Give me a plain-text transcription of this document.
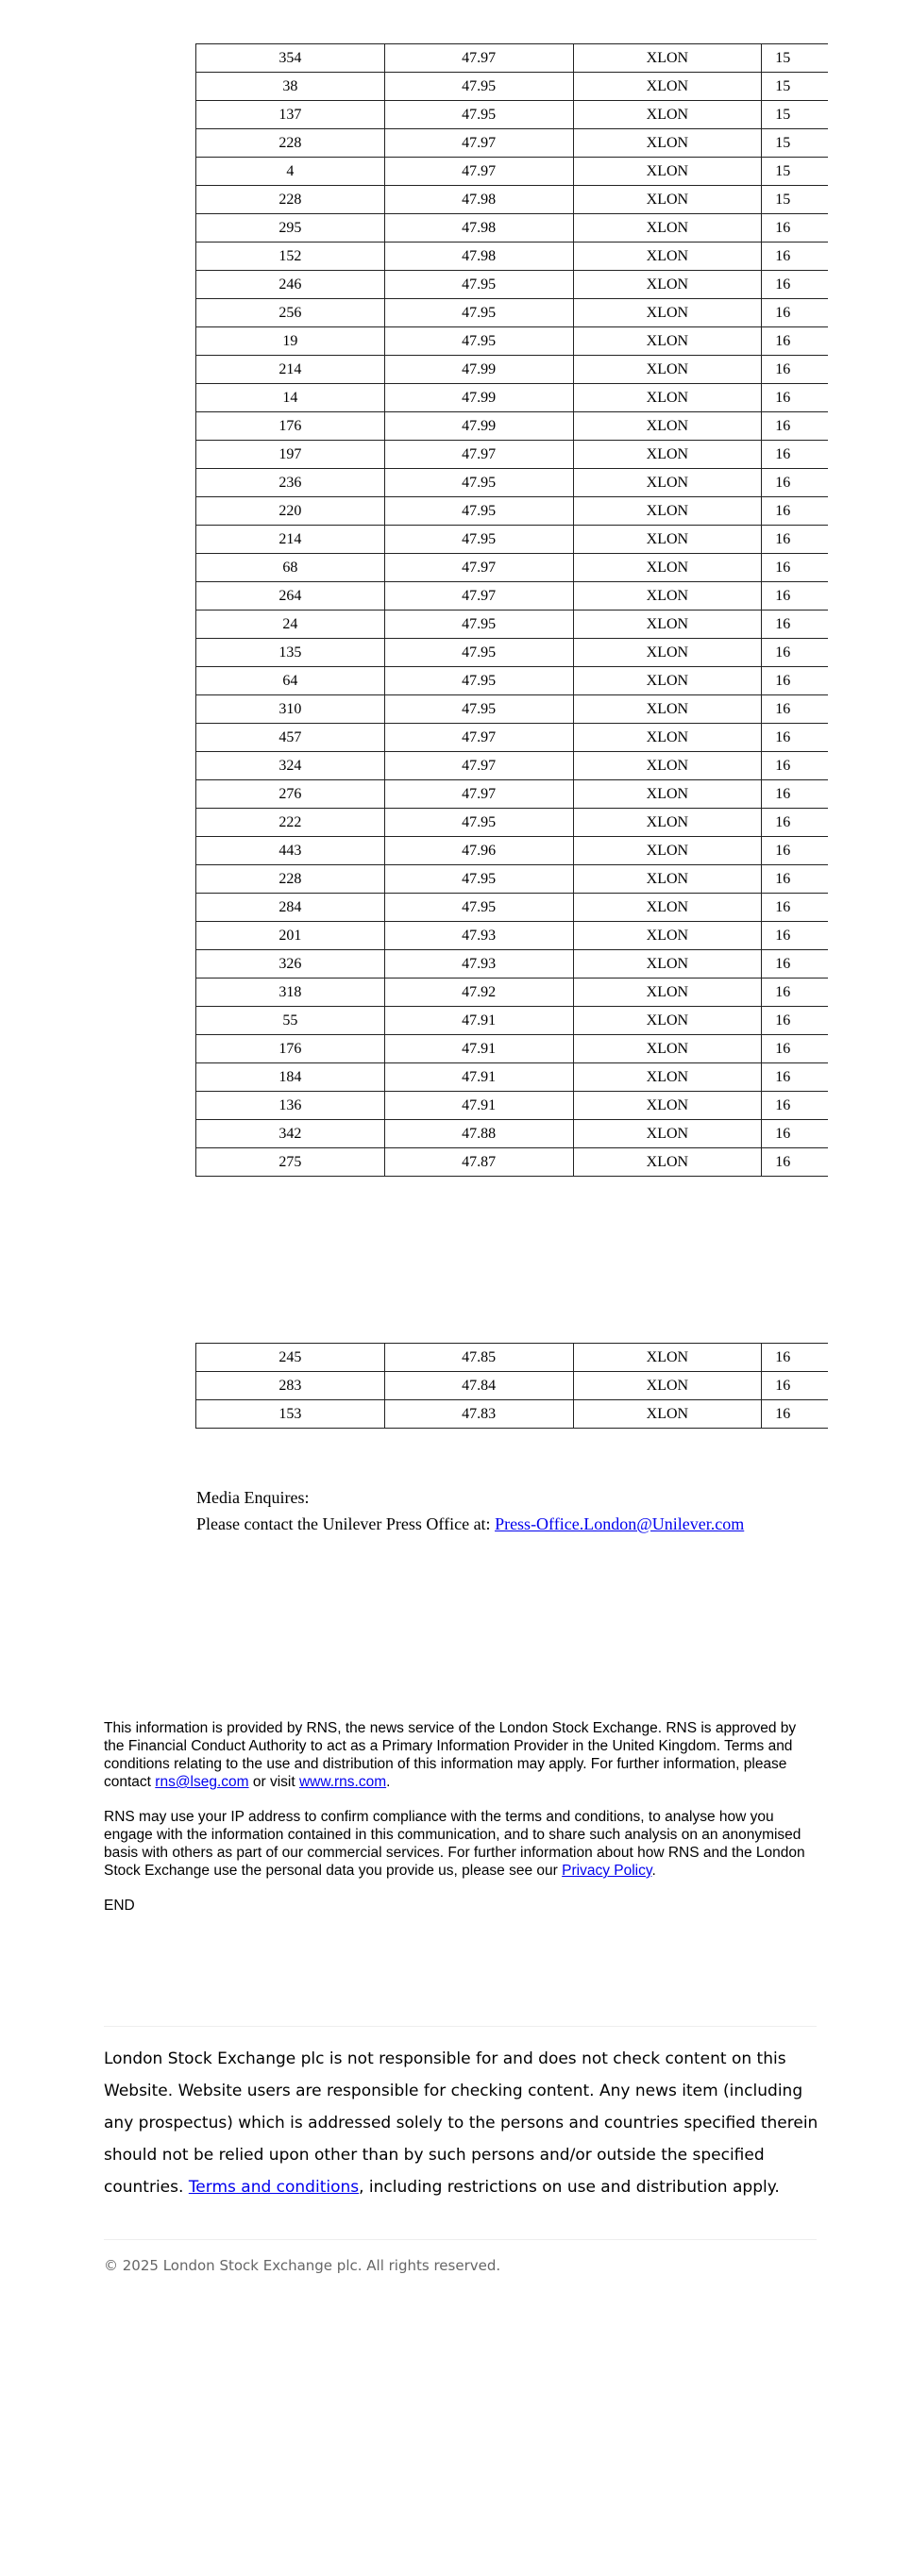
354	47.97	XLON	15
38	47.95	XLON	15
137	47.95	XLON	15
228	47.97	XLON	15
4	47.97	XLON	15
228	47.98	XLON	15
295	47.98	XLON	16
152	47.98	XLON	16
246	47.95	XLON	16
256	47.95	XLON	16
19	47.95	XLON	16
214	47.99	XLON	16
14	47.99	XLON	16
176	47.99	XLON	16
197	47.97	XLON	16
236	47.95	XLON	16
220	47.95	XLON	16
214	47.95	XLON	16
68	47.97	XLON	16
264	47.97	XLON	16
24	47.95	XLON	16
135	47.95	XLON	16
64	47.95	XLON	16
310	47.95	XLON	16
457	47.97	XLON	16
324	47.97	XLON	16
276	47.97	XLON	16
222	47.95	XLON	16
443	47.96	XLON	16
228	47.95	XLON	16
284	47.95	XLON	16
201	47.93	XLON	16
326	47.93	XLON	16
318	47.92	XLON	16
55	47.91	XLON	16
176	47.91	XLON	16
184	47.91	XLON	16
136	47.91	XLON	16
342	47.88	XLON	16
275	47.87	XLON	16
245	47.85	XLON	16
283	47.84	XLON	16
153	47.83	XLON	16
Media Enquires:
Please contact the Unilever Press Office at: Press-Office.London@Unilever.com

This information is provided by RNS, the news service of the London Stock Exchange. RNS is approved by the Financial Conduct Authority to act as a Primary Information Provider in the United Kingdom. Terms and conditions relating to the use and distribution of this information may apply. For further information, please contact rns@lseg.com or visit www.rns.com.

RNS may use your IP address to confirm compliance with the terms and conditions, to analyse how you engage with the information contained in this communication, and to share such analysis on an anonymised basis with others as part of our commercial services. For further information about how RNS and the London Stock Exchange use the personal data you provide us, please see our Privacy Policy.

END

London Stock Exchange plc is not responsible for and does not check content on this Website. Website users are responsible for checking content. Any news item (including any prospectus) which is addressed solely to the persons and countries specified therein should not be relied upon other than by such persons and/or outside the specified countries. Terms and conditions, including restrictions on use and distribution apply.
© 2025 London Stock Exchange plc. All rights reserved.
